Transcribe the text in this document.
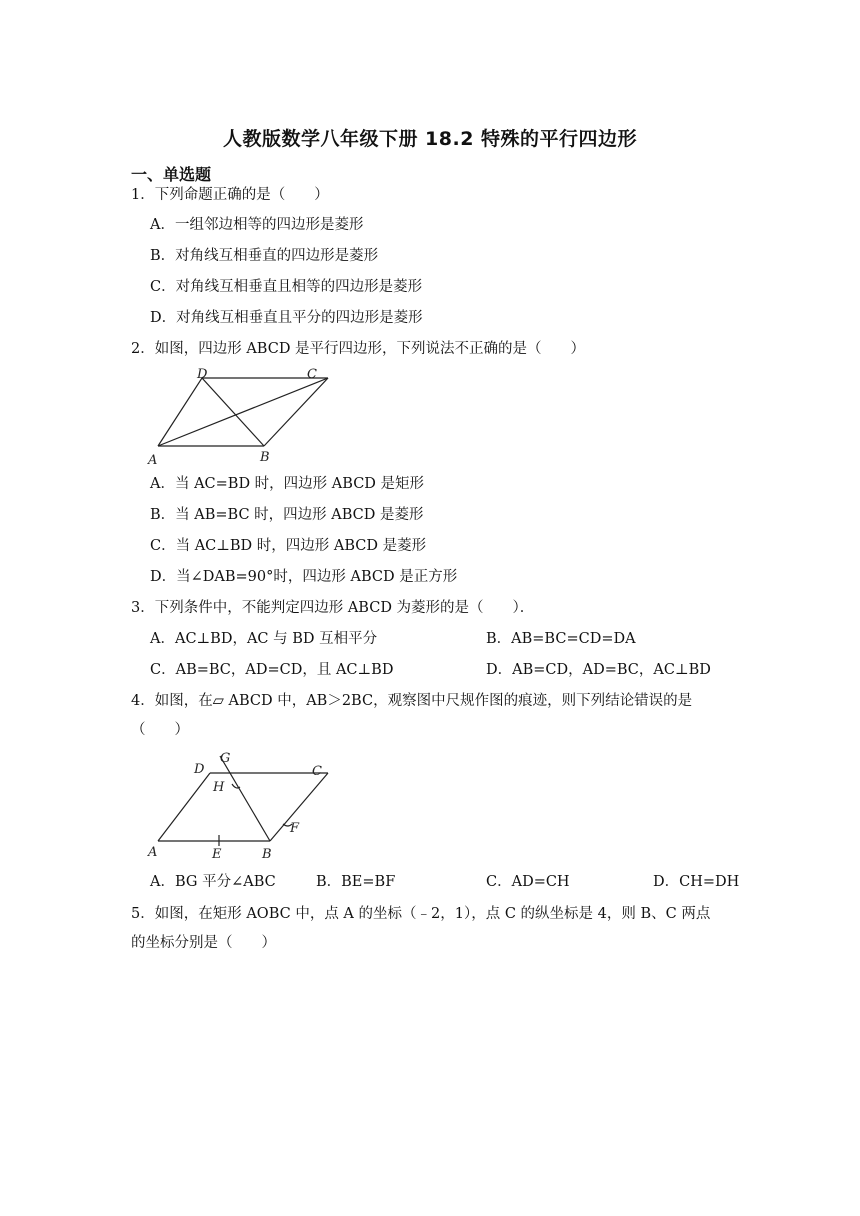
人教版数学八年级下册 18.2 特殊的平行四边形
一、单选题
1．下列命题正确的是（　　）
A．一组邻边相等的四边形是菱形
B．对角线互相垂直的四边形是菱形
C．对角线互相垂直且相等的四边形是菱形
D．对角线互相垂直且平分的四边形是菱形
2．如图，四边形 ABCD 是平行四边形，下列说法不正确的是（　　）
A	B
C
D
A．当 AC=BD 时，四边形 ABCD 是矩形
B．当 AB=BC 时，四边形 ABCD 是菱形
C．当 AC⊥BD 时，四边形 ABCD 是菱形
D．当∠DAB=90°时，四边形 ABCD 是正方形
3．下列条件中，不能判定四边形 ABCD 为菱形的是（　　）．
A．AC⊥BD，AC 与 BD 互相平分	B．AB=BC=CD=DA
C．AB=BC，AD=CD，且 AC⊥BD	D．AB=CD，AD=BC，AC⊥BD
4．如图，在▱ ABCD 中，AB＞2BC，观察图中尺规作图的痕迹，则下列结论错误的是
（　　）
A	B
C
D
E
F
G
H
A．BG 平分∠ABC	B．BE=BF	C．AD=CH	D．CH=DH
5．如图，在矩形 AOBC 中，点 A 的坐标（﹣2，1），点 C 的纵坐标是 4，则 B、C 两点
的坐标分别是（　　）
